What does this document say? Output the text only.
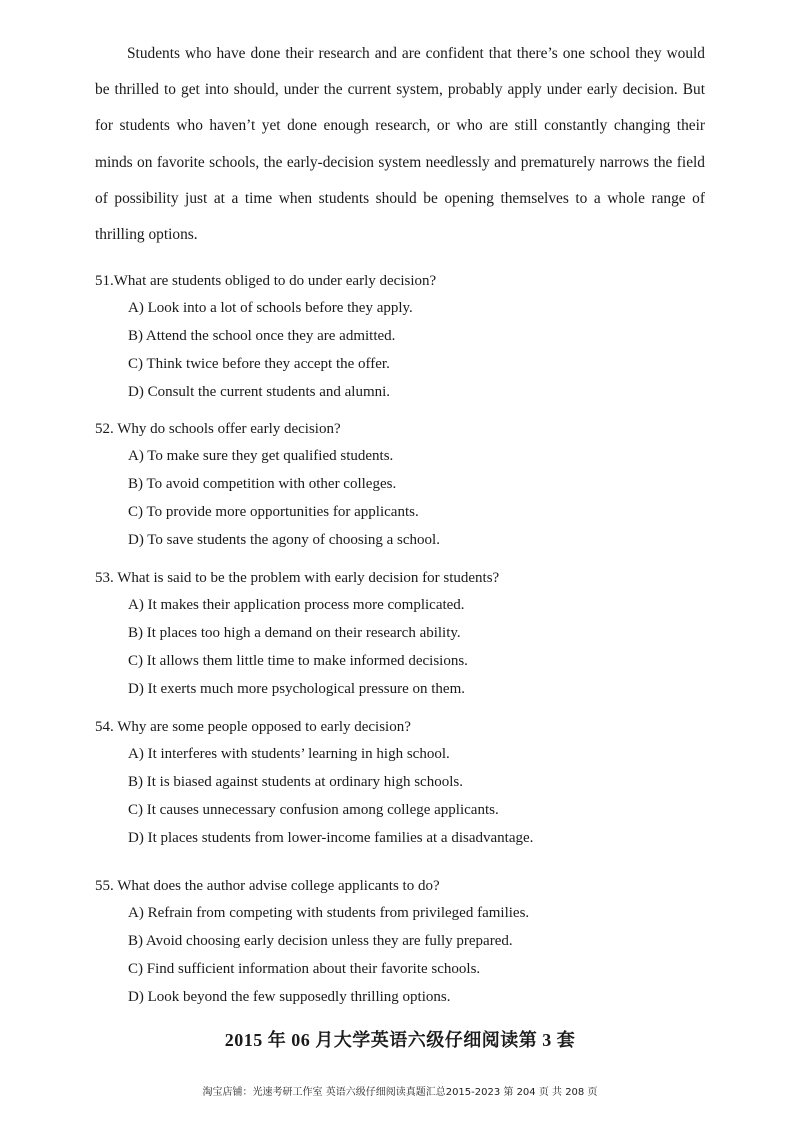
Students who have done their research and are confident that there’s one school they would be thrilled to get into should, under the current system, probably apply under early decision. But for students who haven’t yet done enough research, or who are still constantly changing their minds on favorite schools, the early-decision system needlessly and prematurely narrows the field of possibility just at a time when students should be opening themselves to a whole range of thrilling options.

51.What are students obliged to do under early decision?

A) Look into a lot of schools before they apply.

B) Attend the school once they are admitted.

C) Think twice before they accept the offer.

D) Consult the current students and alumni.

52. Why do schools offer early decision?

A) To make sure they get qualified students.

B) To avoid competition with other colleges.

C) To provide more opportunities for applicants.

D) To save students the agony of choosing a school.

53. What is said to be the problem with early decision for students?

A) It makes their application process more complicated.

B) It places too high a demand on their research ability.

C) It allows them little time to make informed decisions.

D) It exerts much more psychological pressure on them.

54. Why are some people opposed to early decision?

A) It interferes with students’ learning in high school.

B) It is biased against students at ordinary high schools.

C) It causes unnecessary confusion among college applicants.

D) It places students from lower-income families at a disadvantage.

55. What does the author advise college applicants to do?

A) Refrain from competing with students from privileged families.

B) Avoid choosing early decision unless they are fully prepared.

C) Find sufficient information about their favorite schools.

D) Look beyond the few supposedly thrilling options.

2015 年 06 月大学英语六级仔细阅读第 3 套

淘宝店铺：光速考研工作室 英语六级仔细阅读真题汇总2015-2023 第 204 页 共 208 页
